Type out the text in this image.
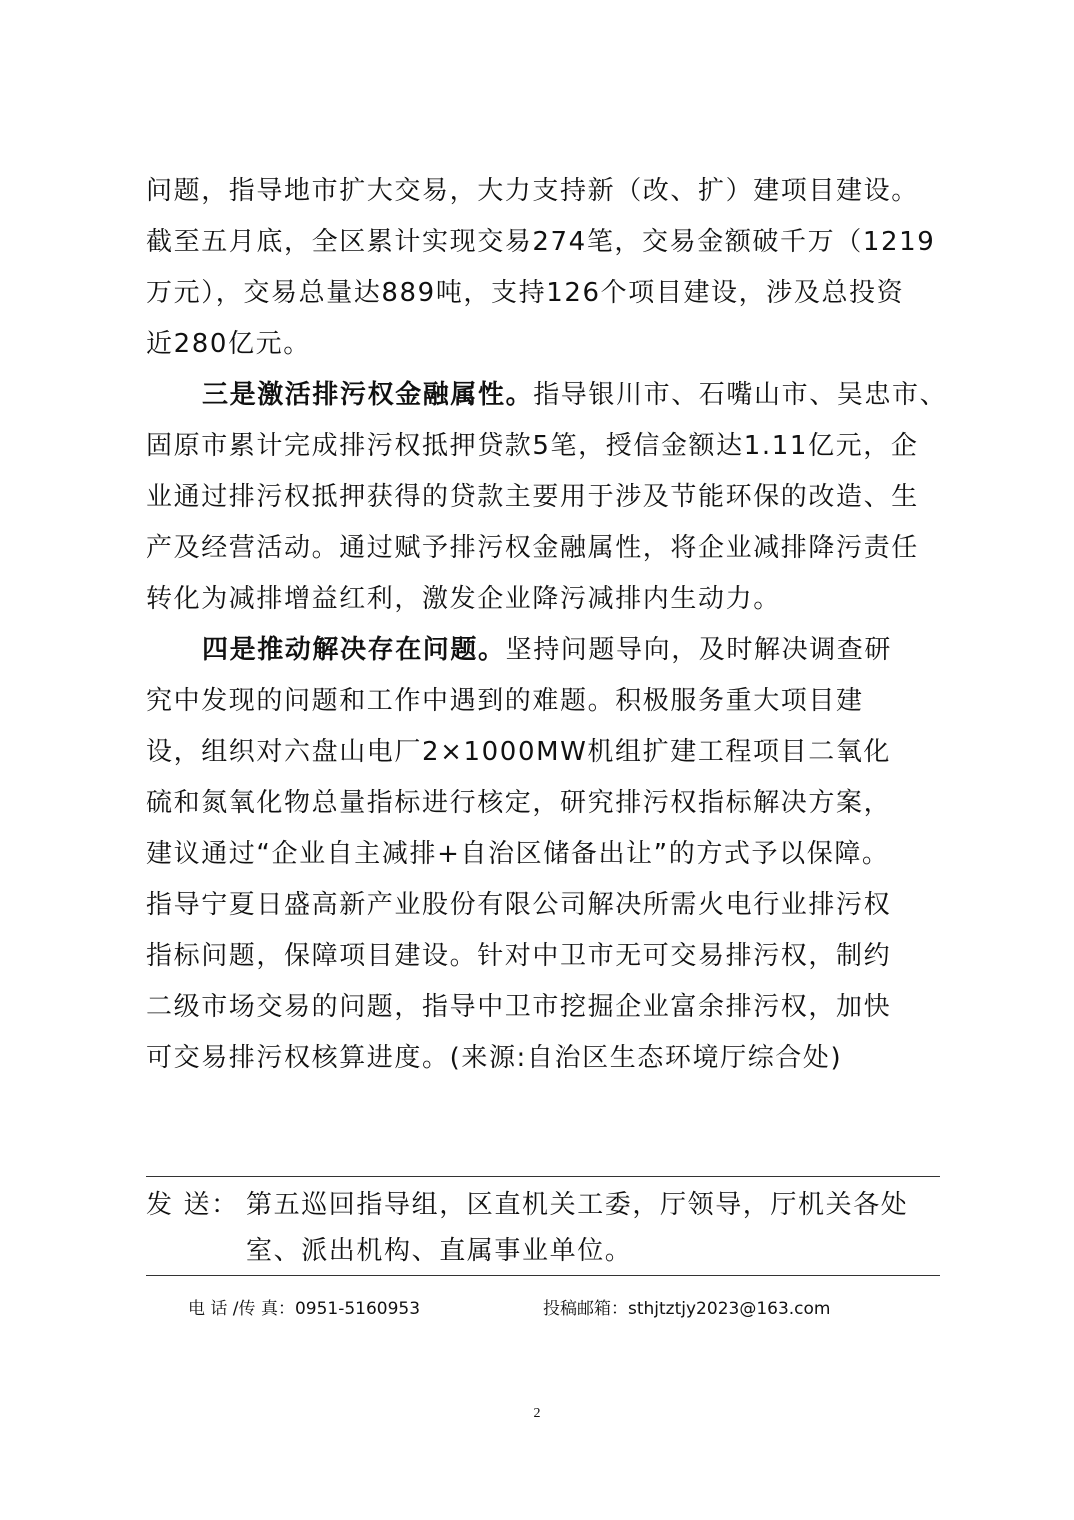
问题，指导地市扩大交易，大力支持新（改、扩）建项目建设。
截至五月底，全区累计实现交易274笔，交易金额破千万（1219
万元），交易总量达889吨，支持126个项目建设，涉及总投资
近280亿元。

三是激活排污权金融属性。指导银川市、石嘴山市、吴忠市、
固原市累计完成排污权抵押贷款5笔，授信金额达1.11亿元，企
业通过排污权抵押获得的贷款主要用于涉及节能环保的改造、生
产及经营活动。通过赋予排污权金融属性，将企业减排降污责任
转化为减排增益红利，激发企业降污减排内生动力。

四是推动解决存在问题。坚持问题导向，及时解决调查研
究中发现的问题和工作中遇到的难题。积极服务重大项目建
设，组织对六盘山电厂2×1000MW机组扩建工程项目二氧化
硫和氮氧化物总量指标进行核定，研究排污权指标解决方案，
建议通过“企业自主减排+自治区储备出让”的方式予以保障。
指导宁夏日盛高新产业股份有限公司解决所需火电行业排污权
指标问题，保障项目建设。针对中卫市无可交易排污权，制约
二级市场交易的问题，指导中卫市挖掘企业富余排污权，加快
可交易排污权核算进度。(来源:自治区生态环境厅综合处)

发 送： 第五巡回指导组，区直机关工委，厅领导，厅机关各处
室、派出机构、直属事业单位。
电 话 /传 真：0951-5160953	投稿邮箱：sthjtztjy2023@163.com
2
